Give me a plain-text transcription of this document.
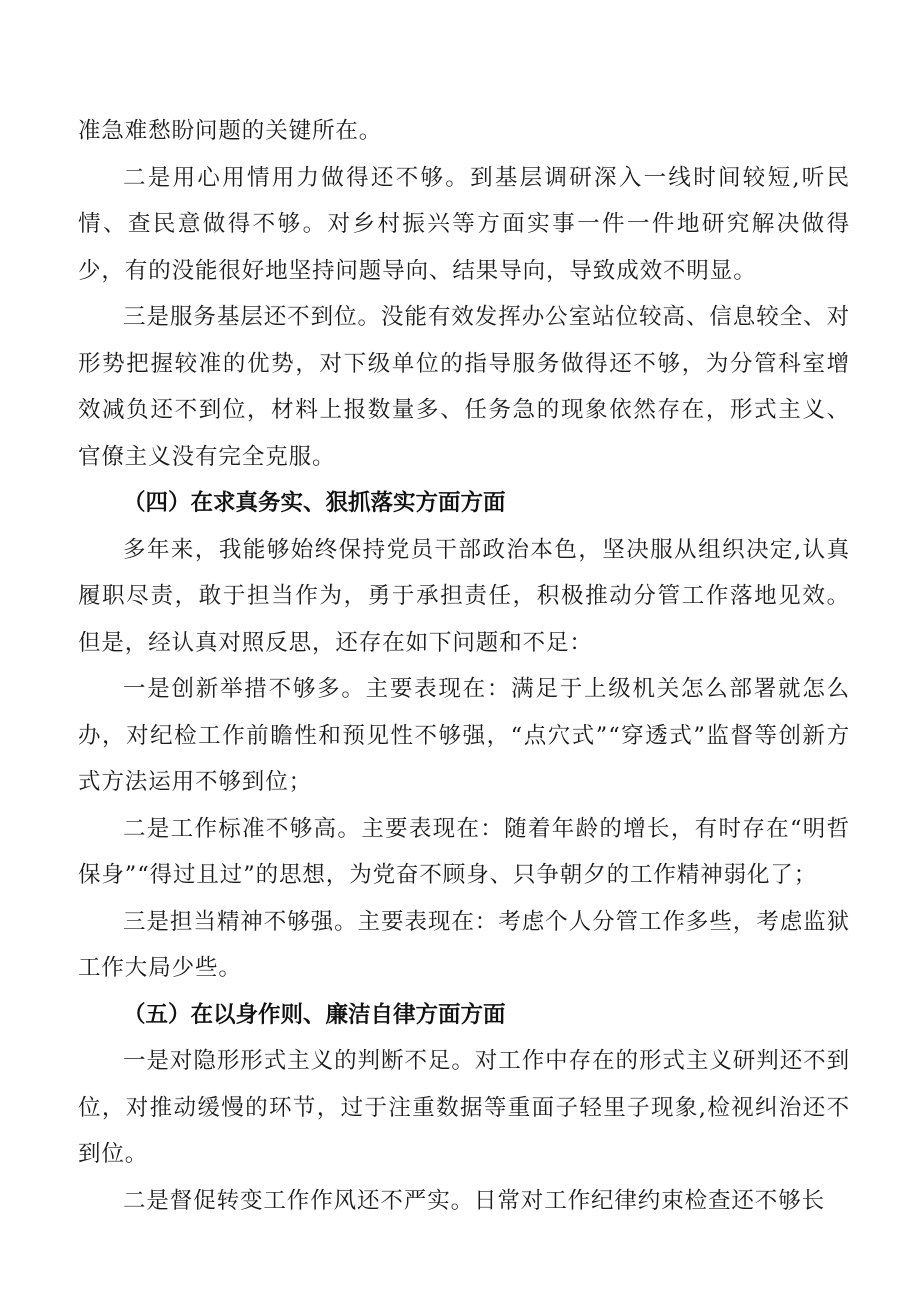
准急难愁盼问题的关键所在。

二是用心用情用力做得还不够。到基层调研深入一线时间较短,听民情、查民意做得不够。对乡村振兴等方面实事一件一件地研究解决做得少，有的没能很好地坚持问题导向、结果导向，导致成效不明显。

三是服务基层还不到位。没能有效发挥办公室站位较高、信息较全、对形势把握较准的优势，对下级单位的指导服务做得还不够，为分管科室增效减负还不到位，材料上报数量多、任务急的现象依然存在，形式主义、官僚主义没有完全克服。

（四）在求真务实、狠抓落实方面方面

多年来，我能够始终保持党员干部政治本色，坚决服从组织决定,认真履职尽责，敢于担当作为，勇于承担责任，积极推动分管工作落地见效。但是，经认真对照反思，还存在如下问题和不足：

一是创新举措不够多。主要表现在：满足于上级机关怎么部署就怎么办，对纪检工作前瞻性和预见性不够强，“点穴式”“穿透式”监督等创新方式方法运用不够到位；

二是工作标准不够高。主要表现在：随着年龄的增长，有时存在“明哲保身”“得过且过”的思想，为党奋不顾身、只争朝夕的工作精神弱化了；

三是担当精神不够强。主要表现在：考虑个人分管工作多些，考虑监狱工作大局少些。

（五）在以身作则、廉洁自律方面方面

一是对隐形形式主义的判断不足。对工作中存在的形式主义研判还不到位，对推动缓慢的环节，过于注重数据等重面子轻里子现象,检视纠治还不到位。

二是督促转变工作作风还不严实。日常对工作纪律约束检查还不够长
